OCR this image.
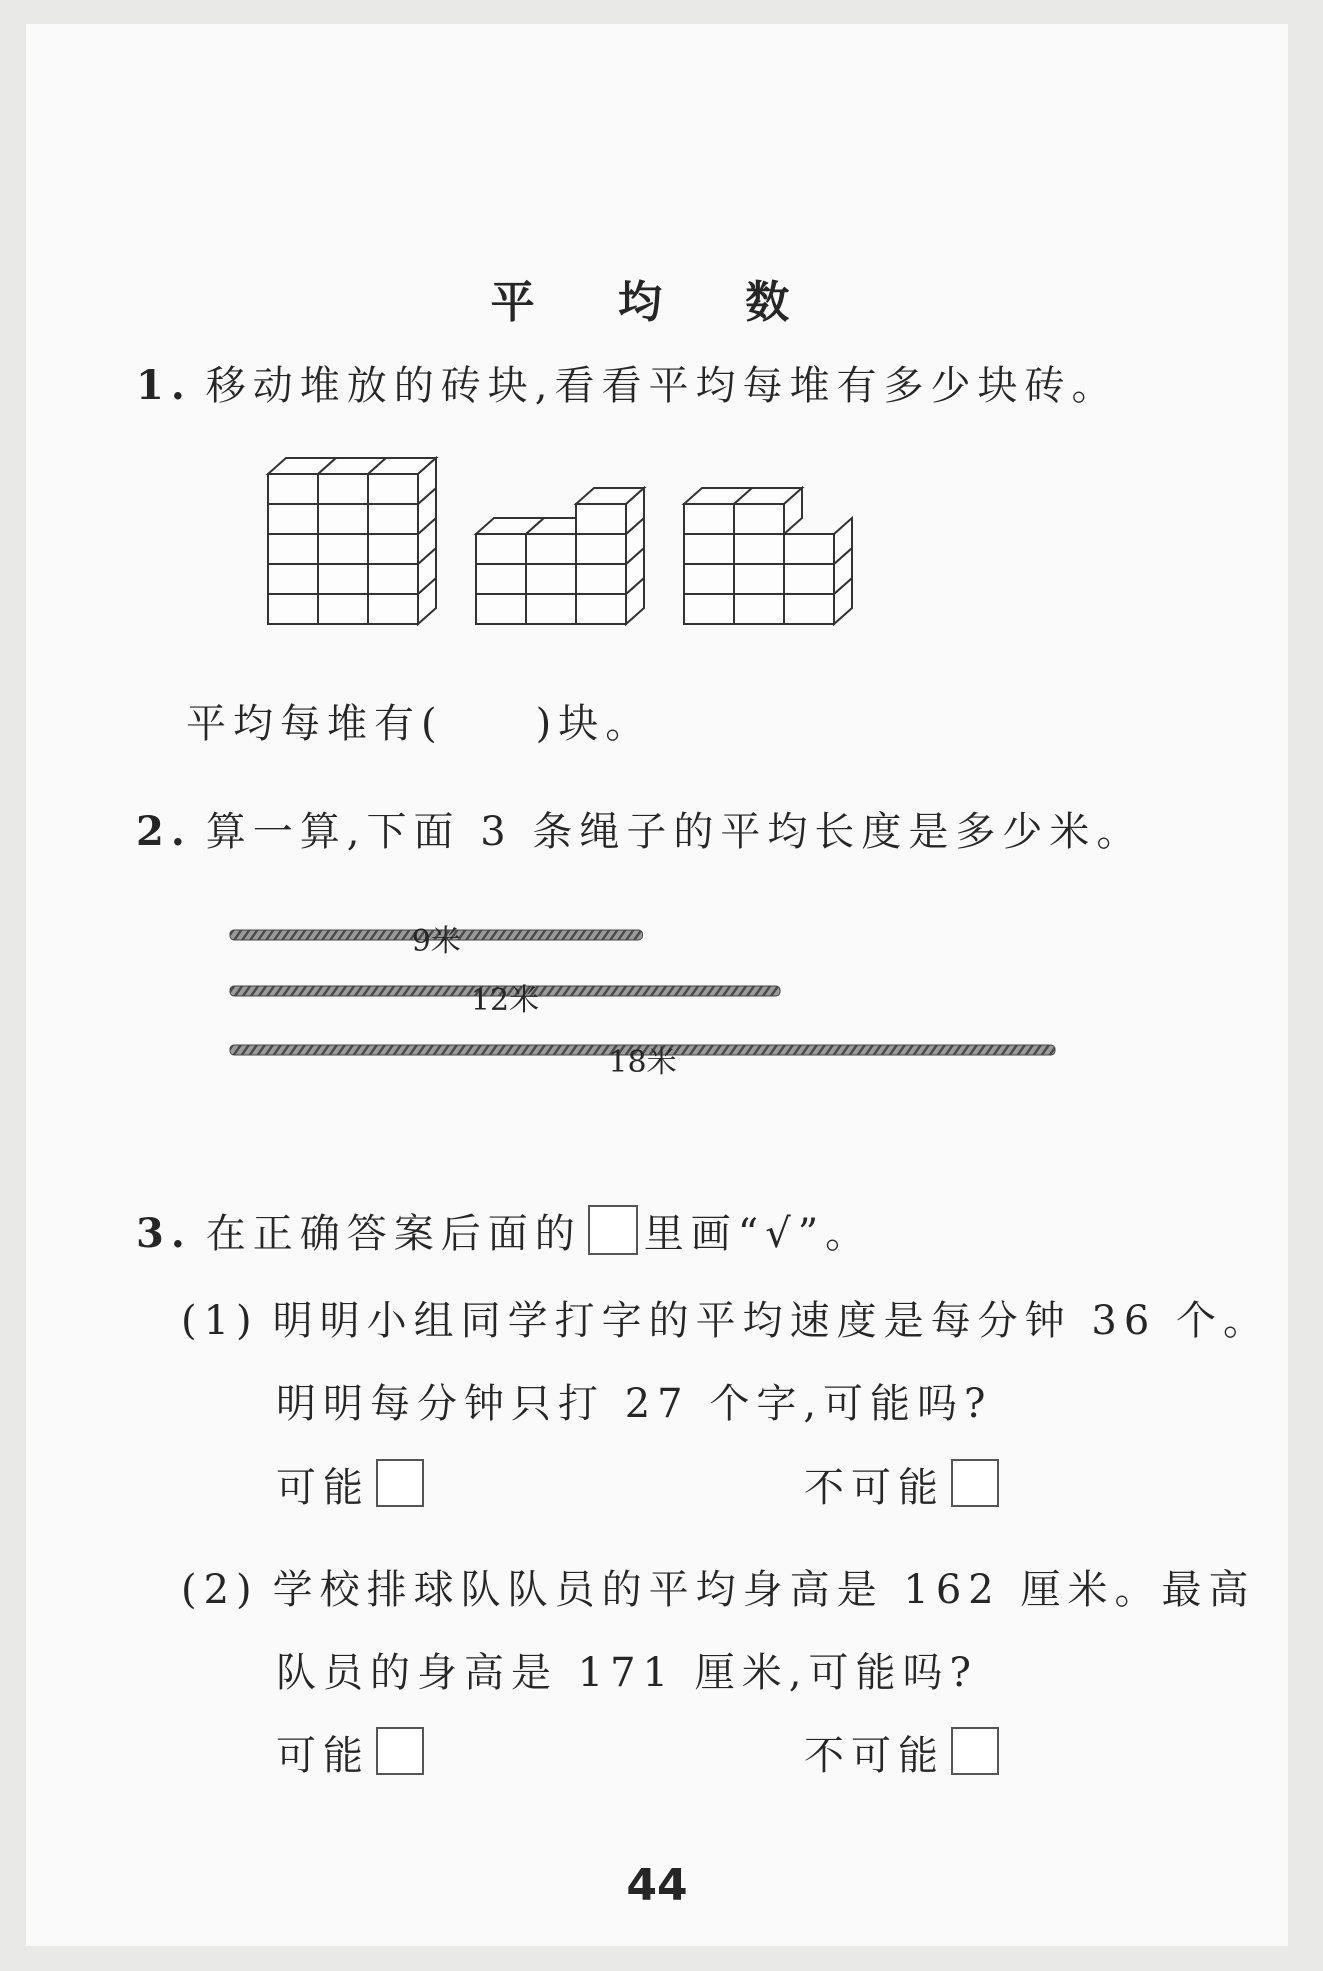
平 均 数
1. 移动堆放的砖块,看看平均每堆有多少块砖。
平均每堆有( )块。
2. 算一算,下面 3 条绳子的平均长度是多少米。
9米
12米
18米
3. 在正确答案后面的 里画“√”。
(1) 明明小组同学打字的平均速度是每分钟 36 个。
明明每分钟只打 27 个字,可能吗?
可能	不可能
(2) 学校排球队队员的平均身高是 162 厘米。最高
队员的身高是 171 厘米,可能吗?
可能	不可能
44
